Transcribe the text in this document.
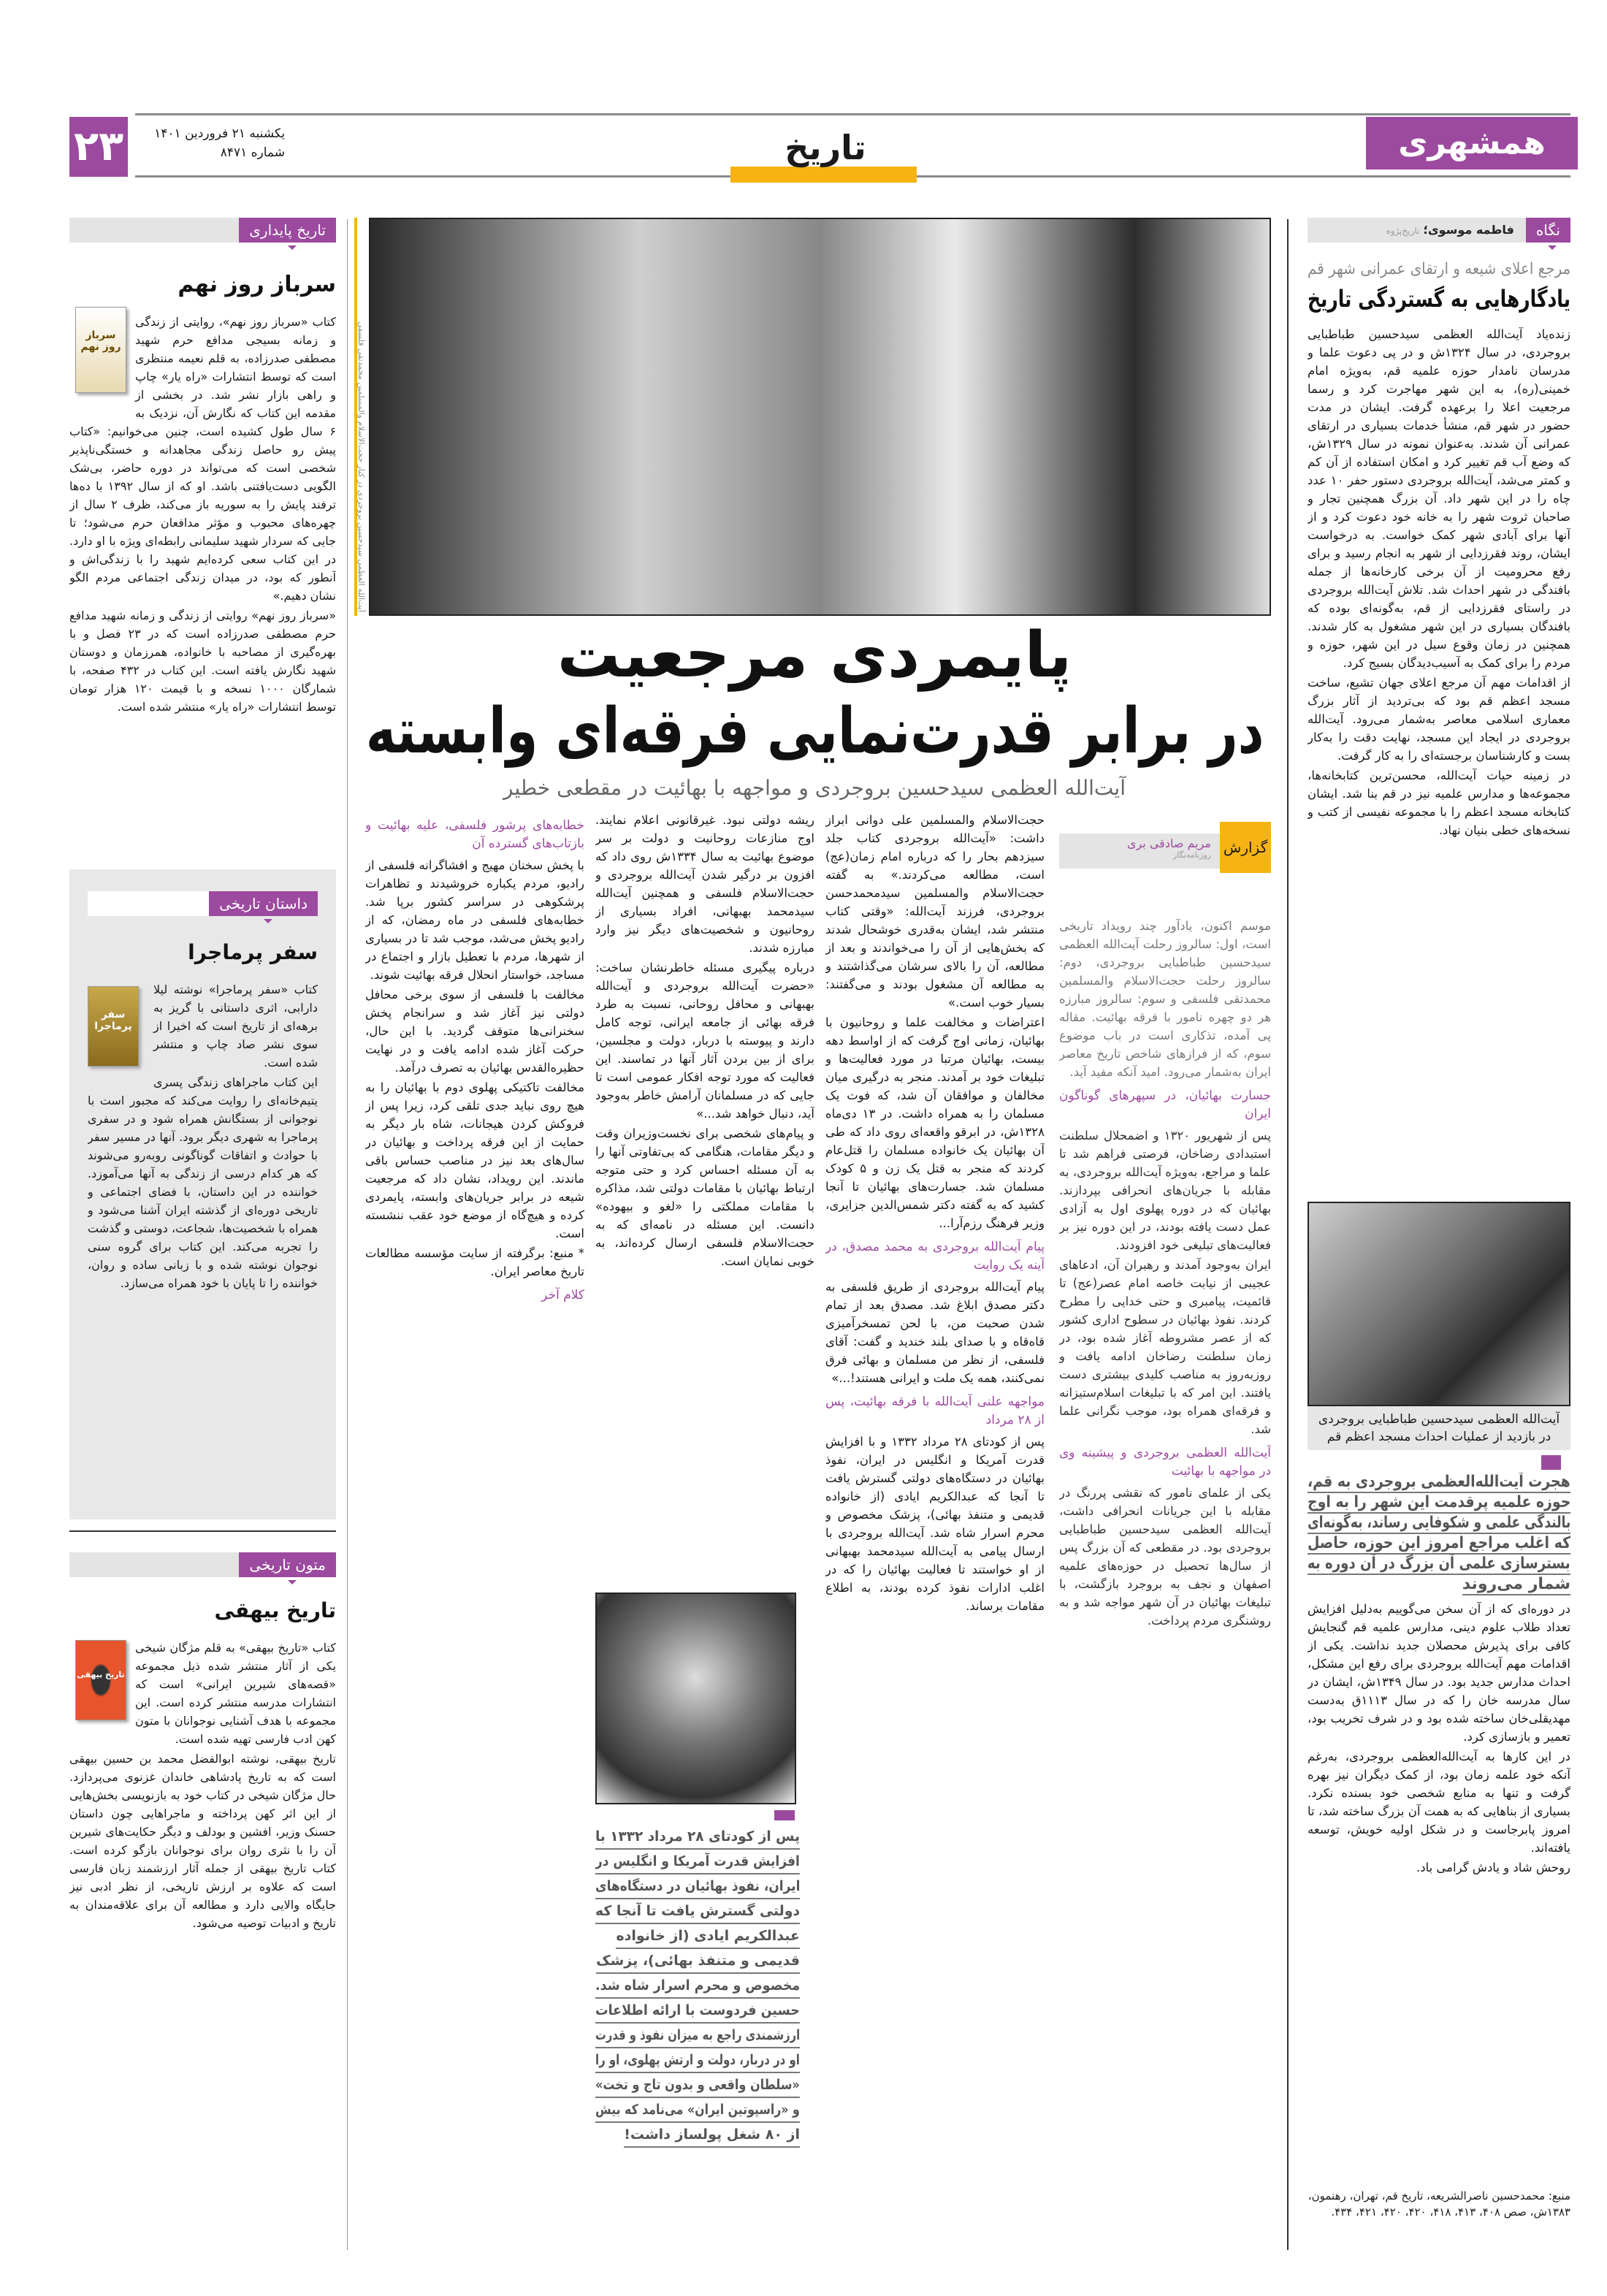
۲۳	یکشنبه ۲۱ فروردین ۱۴۰۱
شماره ۸۴۷۱	تاریخ	همشهری
نگاه
فاطمه موسوی؛ تاریخ‌پژوه
مرجع اعلای شیعه و ارتقای عمرانی شهر قم
یادگارهایی به گستردگی تاریخ

زنده‌یاد آیت‌الله العظمی سیدحسین طباطبایی بروجردی، در سال ۱۳۲۴ش و در پی دعوت علما و مدرسان نامدار حوزه علمیه قم، به‌ویژه امام خمینی(ره)، به این شهر مهاجرت کرد و رسما مرجعیت اعلا را برعهده گرفت. ایشان در مدت حضور در شهر قم، منشأ خدمات بسیاری در ارتقای عمرانی آن شدند. به‌عنوان نمونه در سال ۱۳۲۹ش، که وضع آب قم تغییر کرد و امکان استفاده از آن کم و کمتر می‌شد، آیت‌الله بروجردی دستور حفر ۱۰ عدد چاه را در این شهر داد. آن بزرگ همچنین تجار و صاحبان ثروت شهر را به خانه خود دعوت کرد و از آنها برای آبادی شهر کمک خواست. به درخواست ایشان، روند فقرزدایی از شهر به انجام رسید و برای رفع محرومیت از آن برخی کارخانه‌ها از جمله بافندگی در شهر احداث شد. تلاش آیت‌الله بروجردی در راستای فقرزدایی از قم، به‌گونه‌ای بوده که بافندگان بسیاری در این شهر مشغول به کار شدند. همچنین در زمان وقوع سیل در این شهر، حوزه و مردم را برای کمک به آسیب‌دیدگان بسیج کرد.

از اقدامات مهم آن مرجع اعلای جهان تشیع، ساخت مسجد اعظم قم بود که بی‌تردید از آثار بزرگ معماری اسلامی معاصر به‌شمار می‌رود. آیت‌الله بروجردی در ایجاد این مسجد، نهایت دقت را به‌کار بست و کارشناسان برجسته‌ای را به کار گرفت.

در زمینه حیات آیت‌الله، محسن‌ترین کتابخانه‌ها، مجموعه‌ها و مدارس علمیه نیز در قم بنا شد. ایشان کتابخانه مسجد اعظم را با مجموعه نفیسی از کتب و نسخه‌های خطی بنیان نهاد.

آیت‌الله العظمی سیدحسین طباطبایی بروجردی
در بازدید از عملیات احداث مسجد اعظم قم
هجرت آیت‌الله‌العظمی بروجردی به قم،
حوزه علمیه پرقدمت این شهر را به اوج
بالندگی علمی و شکوفایی رساند، به‌گونه‌ای
که اغلب مراجع امروز این حوزه، حاصل
بسترسازی علمی آن بزرگ در آن دوره به
شمار می‌روند

در دوره‌ای که از آن سخن می‌گوییم به‌دلیل افزایش تعداد طلاب علوم دینی، مدارس علمیه قم گنجایش کافی برای پذیرش محصلان جدید نداشت. یکی از اقدامات مهم آیت‌الله بروجردی برای رفع این مشکل، احداث مدارس جدید بود. در سال ۱۳۴۹ش، ایشان در سال مدرسه خان را که در سال ۱۱۱۳ق به‌دست مهدیقلی‌خان ساخته شده بود و در شرف تخریب بود، تعمیر و بازسازی کرد.

در این کارها به آیت‌الله‌العظمی بروجردی، به‌رغم آنکه خود علمه زمان بود، از کمک دیگران نیز بهره گرفت و تنها به منابع شخصی خود بسنده نکرد. بسیاری از بناهایی که به همت آن بزرگ ساخته شد، تا امروز پابرجاست و در شکل اولیه خویش، توسعه یافته‌اند.

روحش شاد و یادش گرامی باد.

منبع: محمدحسین ناصرالشریعه، تاریخ قم، تهران، رهنمون، ۱۳۸۳ش، صص ۴۰۸، ۴۱۳، ۴۱۸، ۴۲۰، ۴۲۰، ۴۲۱، ۴۳۴.
آیت‌الله العظمی سیدحسین بروجردی در کنار حجت‌الاسلام والمسلمین محمدتقی فلسفی
پایمردی مرجعیت
در برابر قدرت‌نمایی فرقه‌ای وابسته
آیت‌الله العظمی سیدحسین بروجردی و مواجهه با بهائیت در مقطعی خطیر
گزارش
مریم صادقی بری
روزنامه‌نگار

موسم اکنون، یادآور چند رویداد تاریخی است، اول: سالروز رحلت آیت‌الله العظمی سیدحسین طباطبایی بروجردی، دوم: سالروز رحلت حجت‌الاسلام والمسلمین محمدتقی فلسفی و سوم: سالروز مبارزه هر دو چهره نامور با فرقه بهائیت. مقاله پی آمده، تذکاری است در باب موضوع سوم، که از فرازهای شاخص تاریخ معاصر ایران به‌شمار می‌رود. امید آنکه مفید آید.

جسارت بهائیان، در سپهرهای گوناگون ایران

پس از شهریور ۱۳۲۰ و اضمحلال سلطنت استبدادی رضاخان، فرصتی فراهم شد تا علما و مراجع، به‌ویژه آیت‌الله بروجردی، به مقابله با جریان‌های انحرافی بپردازند. بهائیان که در دوره پهلوی اول به آزادی عمل دست یافته بودند، در این دوره نیز بر فعالیت‌های تبلیغی خود افزودند.

ایران به‌وجود آمدند و رهبران آن، ادعاهای عجیبی از نیابت خاصه امام عصر(عج) تا قائمیت، پیامبری و حتی خدایی را مطرح کردند. نفوذ بهائیان در سطوح اداری کشور که از عصر مشروطه آغاز شده بود، در زمان سلطنت رضاخان ادامه یافت و روزبه‌روز به مناصب کلیدی بیشتری دست یافتند. این امر که با تبلیغات اسلام‌ستیزانه و فرقه‌ای همراه بود، موجب نگرانی علما شد.

آیت‌الله العظمی بروجردی و پیشینه وی در مواجهه با بهائیت

یکی از علمای نامور که نقشی پررنگ در مقابله با این جریانات انحرافی داشت، آیت‌الله العظمی سیدحسین طباطبایی بروجردی بود. در مقطعی که آن بزرگ پس از سال‌ها تحصیل در حوزه‌های علمیه اصفهان و نجف به بروجرد بازگشت، با تبلیغات بهائیان در آن شهر مواجه شد و به روشنگری مردم پرداخت.

حجت‌الاسلام والمسلمین علی دوانی ابراز داشت: «آیت‌الله بروجردی کتاب جلد سیزدهم بحار را که درباره امام زمان(عج) است، مطالعه می‌کردند.» به گفته حجت‌الاسلام والمسلمین سیدمحمدحسن بروجردی، فرزند آیت‌الله: «وقتی کتاب منتشر شد، ایشان به‌قدری خوشحال شدند که بخش‌هایی از آن را می‌خواندند و بعد از مطالعه، آن را بالای سرشان می‌گذاشتند و به مطالعه آن مشغول بودند و می‌گفتند: بسیار خوب است.»

اعتراضات و مخالفت علما و روحانیون با بهائیان، زمانی اوج گرفت که از اواسط دهه بیست، بهائیان مرتبا در مورد فعالیت‌ها و تبلیغات خود بر آمدند. منجر به درگیری میان مخالفان و موافقان آن شد، که فوت یک مسلمان را به همراه داشت. در ۱۳ دی‌ماه ۱۳۲۸ش، در ابرقو واقعه‌ای روی داد که طی آن بهائیان یک خانواده مسلمان را قتل‌عام کردند که منجر به قتل یک زن و ۵ کودک مسلمان شد. جسارت‌های بهائیان تا آنجا کشید که به گفته دکتر شمس‌الدین جزایری، وزیر فرهنگ رزم‌آرا...

پیام آیت‌الله بروجردی به محمد مصدق، در آینه یک روایت

پیام آیت‌الله بروجردی از طریق فلسفی به دکتر مصدق ابلاغ شد. مصدق بعد از تمام شدن صحبت من، با لحن تمسخرآمیزی قاه‌قاه و با صدای بلند خندید و گفت: آقای فلسفی، از نظر من مسلمان و بهائی فرق نمی‌کنند، همه یک ملت و ایرانی هستند!...»

مواجهه علنی آیت‌الله با فرقه بهائیت، پس از ۲۸ مرداد

پس از کودتای ۲۸ مرداد ۱۳۳۲ و با افزایش قدرت آمریکا و انگلیس در ایران، نفوذ بهائیان در دستگاه‌های دولتی گسترش یافت تا آنجا که عبدالکریم ایادی (از خانواده قدیمی و متنفذ بهائی)، پزشک مخصوص و محرم اسرار شاه شد. آیت‌الله بروجردی با ارسال پیامی به آیت‌الله سیدمحمد بهبهانی از او خواستند تا فعالیت بهائیان را که در اغلب ادارات نفوذ کرده بودند، به اطلاع مقامات برساند.

ریشه دولتی نبود. غیرقانونی اعلام نمایند. اوج منازعات روحانیت و دولت بر سر موضوع بهائیت به سال ۱۳۳۴ش روی داد که افزون بر درگیر شدن آیت‌الله بروجردی و حجت‌الاسلام فلسفی و همچنین آیت‌الله سیدمحمد بهبهانی، افراد بسیاری از روحانیون و شخصیت‌های دیگر نیز وارد مبارزه شدند.

درباره پیگیری مسئله خاطرنشان ساخت: «حضرت آیت‌الله بروجردی و آیت‌الله بهبهانی و محافل روحانی، نسبت به طرد فرقه بهائی از جامعه ایرانی، توجه کامل دارند و پیوسته با دربار، دولت و مجلسین، برای از بین بردن آثار آنها در تماسند. این فعالیت که مورد توجه افکار عمومی است تا جایی که در مسلمانان آرامش خاطر به‌وجود آید، دنبال خواهد شد...»

و پیام‌های شخصی برای نخست‌وزیران وقت و دیگر مقامات، هنگامی که بی‌تفاوتی آنها را به آن مسئله احساس کرد و حتی متوجه ارتباط بهائیان با مقامات دولتی شد، مذاکره با مقامات مملکتی را «لغو و بیهوده» دانست. این مسئله در نامه‌ای که به حجت‌الاسلام فلسفی ارسال کرده‌اند، به خوبی نمایان است.

پس از کودتای ۲۸ مرداد ۱۳۳۲ با
افزایش قدرت آمریکا و انگلیس در
ایران، نفوذ بهائیان در دستگاه‌های
دولتی گسترش یافت تا آنجا که
عبدالکریم ایادی (از خانواده
قدیمی و متنفذ بهائی)، پزشک
مخصوص و محرم اسرار شاه شد.
حسین فردوست با ارائه اطلاعات
ارزشمندی راجع به میزان نفوذ و قدرت
او در دربار، دولت و ارتش پهلوی، او را
«سلطان واقعی و بدون تاج و تخت»
و «راسپوتین ایران» می‌نامد که بیش
از ۸۰ شغل پولساز داشت!
خطابه‌های پرشور فلسفی، علیه بهائیت و بازتاب‌های گسترده آن

با پخش سخنان مهیج و افشاگرانه فلسفی از رادیو، مردم یکباره خروشیدند و تظاهرات پرشکوهی در سراسر کشور برپا شد. خطابه‌های فلسفی در ماه رمضان، که از رادیو پخش می‌شد، موجب شد تا در بسیاری از شهرها، مردم با تعطیل بازار و اجتماع در مساجد، خواستار انحلال فرقه بهائیت شوند.

مخالفت با فلسفی از سوی برخی محافل دولتی نیز آغاز شد و سرانجام پخش سخنرانی‌ها متوقف گردید. با این حال، حرکت آغاز شده ادامه یافت و در نهایت حظیره‌القدس بهائیان به تصرف درآمد.

مخالفت تاکتیکی پهلوی دوم با بهائیان را به هیچ روی نباید جدی تلقی کرد، زیرا پس از فروکش کردن هیجانات، شاه بار دیگر به حمایت از این فرقه پرداخت و بهائیان در سال‌های بعد نیز در مناصب حساس باقی ماندند. این رویداد، نشان داد که مرجعیت شیعه در برابر جریان‌های وابسته، پایمردی کرده و هیچ‌گاه از موضع خود عقب ننشسته است.

* منبع: برگرفته از سایت مؤسسه مطالعات تاریخ معاصر ایران.

کلام آخر
تاریخ پایداری
سرباز روز نهم
سرباز روز نهم

کتاب «سرباز روز نهم»، روایتی از زندگی و زمانه بسیجی مدافع حرم شهید مصطفی صدرزاده، به قلم نعیمه منتظری است که توسط انتشارات «راه یار» چاپ و راهی بازار نشر شد. در بخشی از مقدمه این کتاب که نگارش آن، نزدیک به ۶ سال طول کشیده است، چنین می‌خوانیم: «کتاب پیش رو حاصل زندگی مجاهدانه و خستگی‌ناپذیر شخصی است که می‌تواند در دوره حاضر، بی‌شک الگویی دست‌یافتنی باشد. او که از سال ۱۳۹۲ با ده‌ها ترفند پایش را به سوریه باز می‌کند، ظرف ۲ سال از چهره‌های محبوب و مؤثر مدافعان حرم می‌شود؛ تا جایی که سردار شهید سلیمانی رابطه‌ای ویژه با او دارد. در این کتاب سعی کرده‌ایم شهید را با زندگی‌اش و آنطور که بود، در میدان زندگی اجتماعی مردم الگو نشان دهیم.»

«سرباز روز نهم» روایتی از زندگی و زمانه شهید مدافع حرم مصطفی صدرزاده است که در ۲۳ فصل و با بهره‌گیری از مصاحبه با خانواده، همرزمان و دوستان شهید نگارش یافته است. این کتاب در ۴۳۲ صفحه، با شمارگان ۱۰۰۰ نسخه و با قیمت ۱۲۰ هزار تومان توسط انتشارات «راه یار» منتشر شده است.

داستان تاریخی
سفر پرماجرا
سفر پرماجرا

کتاب «سفر پرماجرا» نوشته لیلا دارابی، اثری داستانی با گریز به برهه‌ای از تاریخ است که اخیرا از سوی نشر صاد چاپ و منتشر شده است.

این کتاب ماجراهای زندگی پسری یتیم‌خانه‌ای را روایت می‌کند که مجبور است با نوجوانی از بستگانش همراه شود و در سفری پرماجرا به شهری دیگر برود. آنها در مسیر سفر با حوادث و اتفاقات گوناگونی روبه‌رو می‌شوند که هر کدام درسی از زندگی به آنها می‌آموزد. خواننده در این داستان، با فضای اجتماعی و تاریخی دوره‌ای از گذشته ایران آشنا می‌شود و همراه با شخصیت‌ها، شجاعت، دوستی و گذشت را تجربه می‌کند. این کتاب برای گروه سنی نوجوان نوشته شده و با زبانی ساده و روان، خواننده را تا پایان با خود همراه می‌سازد.

متون تاریخی
تاریخ بیهقی
تاریخ بیهقی

کتاب «تاریخ بیهقی» به قلم مژگان شیخی یکی از آثار منتشر شده ذیل مجموعه «قصه‌های شیرین ایرانی» است که انتشارات مدرسه منتشر کرده است. این مجموعه با هدف آشنایی نوجوانان با متون کهن ادب فارسی تهیه شده است.

تاریخ بیهقی، نوشته ابوالفضل محمد بن حسین بیهقی است که به تاریخ پادشاهی خاندان غزنوی می‌پردازد. حال مژگان شیخی در کتاب خود به بازنویسی بخش‌هایی از این اثر کهن پرداخته و ماجراهایی چون داستان حسنک وزیر، افشین و بودلف و دیگر حکایت‌های شیرین آن را با نثری روان برای نوجوانان بازگو کرده است. کتاب تاریخ بیهقی از جمله آثار ارزشمند زبان فارسی است که علاوه بر ارزش تاریخی، از نظر ادبی نیز جایگاه والایی دارد و مطالعه آن برای علاقه‌مندان به تاریخ و ادبیات توصیه می‌شود.
